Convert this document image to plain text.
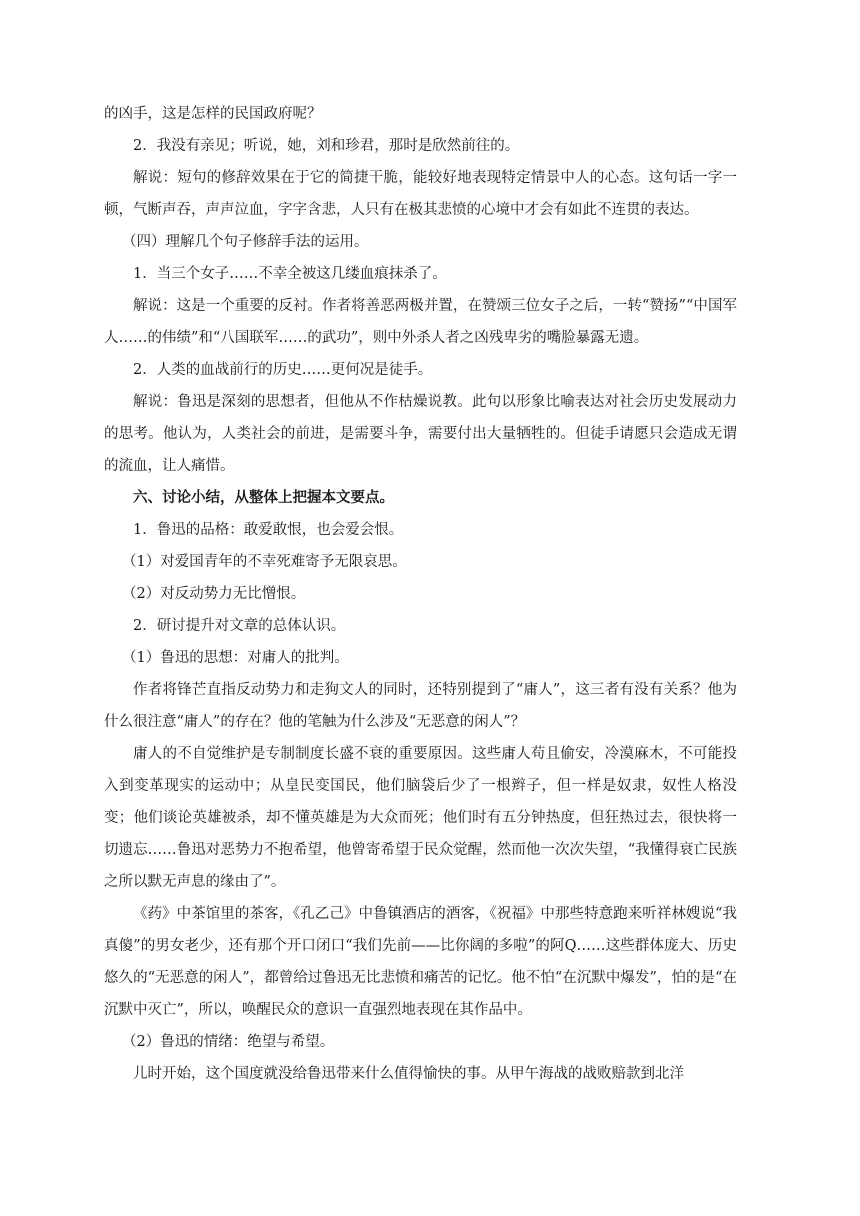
的凶手，这是怎样的民国政府呢？

2．我没有亲见；听说，她，刘和珍君，那时是欣然前往的。

解说：短句的修辞效果在于它的简捷干脆，能较好地表现特定情景中人的心态。这句话一字一顿，气断声吞，声声泣血，字字含悲，人只有在极其悲愤的心境中才会有如此不连贯的表达。

（四）理解几个句子修辞手法的运用。

1．当三个女子……不幸全被这几缕血痕抹杀了。

解说：这是一个重要的反衬。作者将善恶两极并置，在赞颂三位女子之后，一转“赞扬”“中国军人……的伟绩”和“八国联军……的武功”，则中外杀人者之凶残卑劣的嘴脸暴露无遗。

2．人类的血战前行的历史……更何况是徒手。

解说：鲁迅是深刻的思想者，但他从不作枯燥说教。此句以形象比喻表达对社会历史发展动力的思考。他认为，人类社会的前进，是需要斗争，需要付出大量牺牲的。但徒手请愿只会造成无谓的流血，让人痛惜。

六、讨论小结，从整体上把握本文要点。

1．鲁迅的品格：敢爱敢恨，也会爱会恨。

（1）对爱国青年的不幸死难寄予无限哀思。

（2）对反动势力无比憎恨。

2．研讨提升对文章的总体认识。

（1）鲁迅的思想：对庸人的批判。

作者将锋芒直指反动势力和走狗文人的同时，还特别提到了“庸人”，这三者有没有关系？他为什么很注意“庸人”的存在？他的笔触为什么涉及“无恶意的闲人”？

庸人的不自觉维护是专制制度长盛不衰的重要原因。这些庸人苟且偷安，冷漠麻木，不可能投入到变革现实的运动中；从皇民变国民，他们脑袋后少了一根辫子，但一样是奴隶，奴性人格没变；他们谈论英雄被杀，却不懂英雄是为大众而死；他们时有五分钟热度，但狂热过去，很快将一切遗忘……鲁迅对恶势力不抱希望，他曾寄希望于民众觉醒，然而他一次次失望，“我懂得衰亡民族之所以默无声息的缘由了”。

《药》中茶馆里的茶客，《孔乙己》中鲁镇酒店的酒客，《祝福》中那些特意跑来听祥林嫂说“我真傻”的男女老少，还有那个开口闭口“我们先前——比你阔的多啦”的阿Q……这些群体庞大、历史悠久的“无恶意的闲人”，都曾给过鲁迅无比悲愤和痛苦的记忆。他不怕“在沉默中爆发”，怕的是“在沉默中灭亡”，所以，唤醒民众的意识一直强烈地表现在其作品中。

（2）鲁迅的情绪：绝望与希望。

儿时开始，这个国度就没给鲁迅带来什么值得愉快的事。从甲午海战的战败赔款到北洋
